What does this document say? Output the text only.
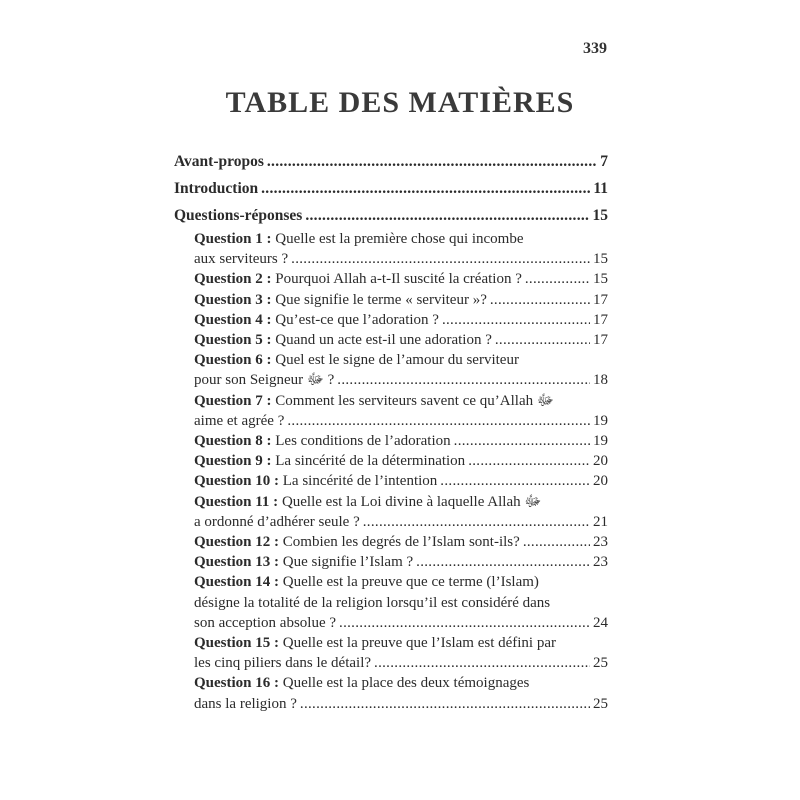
339
TABLE DES MATIÈRES
Avant-propos .....	7
Introduction .....	11
Questions-réponses .....	15
Question 1 : Quelle est la première chose qui incombe
aux serviteurs ? .....	15
Question 2 : Pourquoi Allah a-t-Il suscité la création ? .....	15
Question 3 : Que signifie le terme « serviteur »? .....	17
Question 4 : Qu’est-ce que l’adoration ? .....	17
Question 5 : Quand un acte est-il une adoration ? .....	17
Question 6 : Quel est le signe de l’amour du serviteur
pour son Seigneur ﷻ ? .....	18
Question 7 : Comment les serviteurs savent ce qu’Allah ﷻ
aime et agrée ? .....	19
Question 8 : Les conditions de l’adoration .....	19
Question 9 : La sincérité de la détermination .....	20
Question 10 : La sincérité de l’intention .....	20
Question 11 : Quelle est la Loi divine à laquelle Allah ﷻ
a ordonné d’adhérer seule ? .....	21
Question 12 : Combien les degrés de l’Islam sont-ils? .....	23
Question 13 : Que signifie l’Islam ? .....	23
Question 14 : Quelle est la preuve que ce terme (l’Islam)
désigne la totalité de la religion lorsqu’il est considéré dans
son acception absolue ? .....	24
Question 15 : Quelle est la preuve que l’Islam est défini par
les cinq piliers dans le détail? .....	25
Question 16 : Quelle est la place des deux témoignages
dans la religion ? .....	25
